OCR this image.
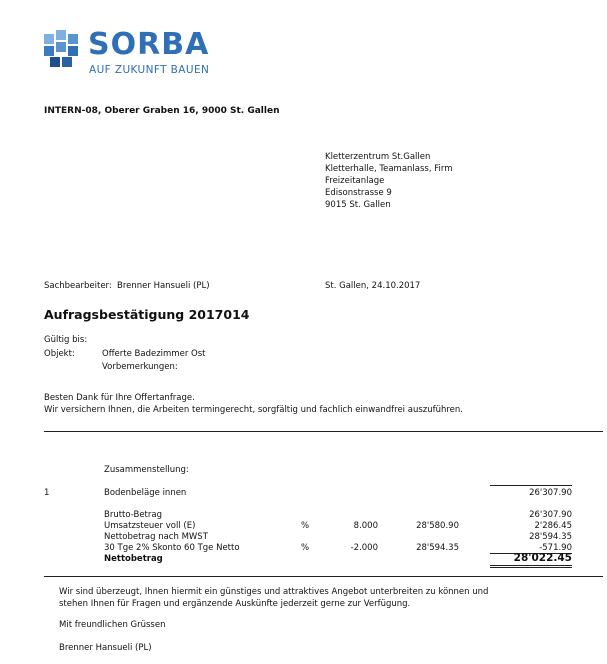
SORBA
AUF ZUKUNFT BAUEN
INTERN-08, Oberer Graben 16, 9000 St. Gallen
Kletterzentrum St.Gallen
Kletterhalle, Teamanlass, Firm
Freizeitanlage
Edisonstrasse 9
9015 St. Gallen
Sachbearbeiter: Brenner Hansueli (PL)	St. Gallen, 24.10.2017
Aufragsbestätigung 2017014
Gültig bis:
Objekt:	Offerte Badezimmer Ost
Vorbemerkungen:
Besten Dank für Ihre Offertanfrage.
Wir versichern Ihnen, die Arbeiten termingerecht, sorgfältig und fachlich einwandfrei auszuführen.
Zusammenstellung:
1	Bodenbeläge innen	26'307.90
Brutto-Betrag	26'307.90
Umsatzsteuer voll (E)	%	8.000	28'580.90	2'286.45
Nettobetrag nach MWST	28'594.35
30 Tge 2% Skonto 60 Tge Netto	%	-2.000	28'594.35	-571.90
Nettobetrag	28'022.45
Wir sind überzeugt, Ihnen hiermit ein günstiges und attraktives Angebot unterbreiten zu können und
stehen Ihnen für Fragen und ergänzende Auskünfte jederzeit gerne zur Verfügung.
Mit freundlichen Grüssen
Brenner Hansueli (PL)
